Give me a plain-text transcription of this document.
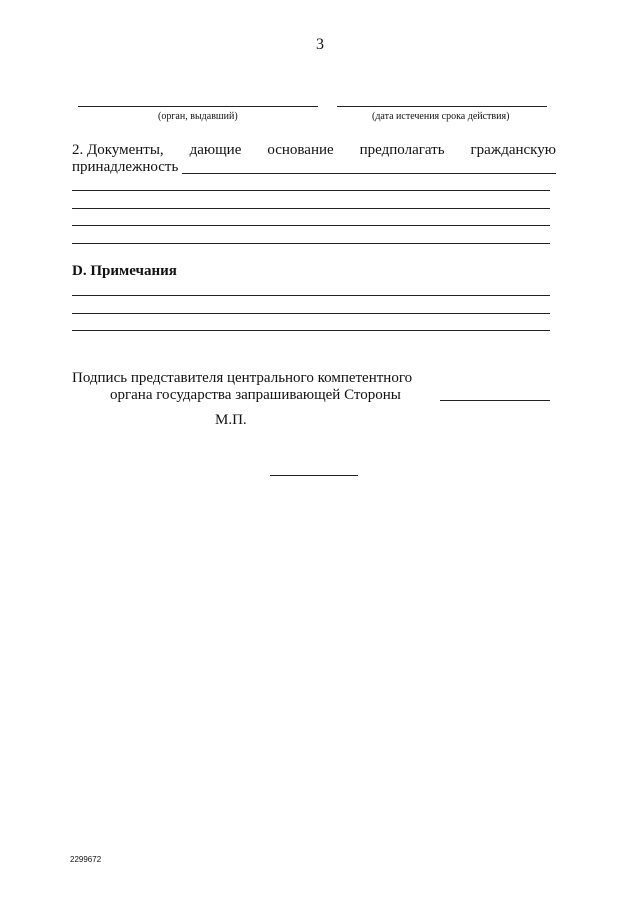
3
(орган, выдавший)	(дата истечения срока действия)
2. Документы, дающие основание предполагать гражданскую
принадлежность
D. Примечания
Подпись представителя центрального компетентного
органа государства запрашивающей Стороны
М.П.
2299672
